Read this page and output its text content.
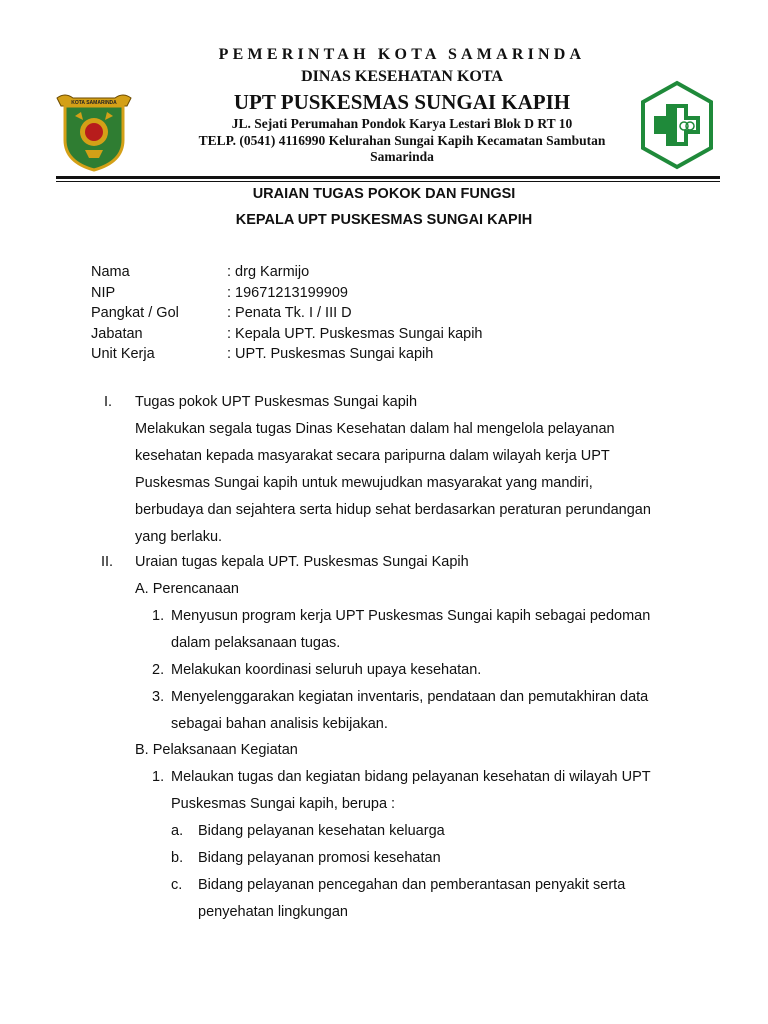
KOTA SAMARINDA
PEMERINTAH KOTA SAMARINDA
DINAS KESEHATAN KOTA
UPT PUSKESMAS SUNGAI KAPIH
JL. Sejati Perumahan Pondok Karya Lestari Blok D RT 10
TELP. (0541) 4116990 Kelurahan Sungai Kapih Kecamatan Sambutan
Samarinda
URAIAN TUGAS POKOK DAN FUNGSI
KEPALA UPT PUSKESMAS SUNGAI KAPIH
Nama	: drg Karmijo
NIP	: 19671213199909
Pangkat / Gol	: Penata Tk. I / III D
Jabatan	: Kepala UPT. Puskesmas Sungai kapih
Unit Kerja	: UPT. Puskesmas Sungai kapih
I. Tugas pokok UPT Puskesmas Sungai kapih
Melakukan segala tugas Dinas Kesehatan dalam hal mengelola pelayanan
kesehatan kepada masyarakat secara paripurna dalam wilayah kerja UPT
Puskesmas Sungai kapih untuk mewujudkan masyarakat yang mandiri,
berbudaya dan sejahtera serta hidup sehat berdasarkan peraturan perundangan
yang berlaku.
II. Uraian tugas kepala UPT. Puskesmas Sungai Kapih
A. Perencanaan
1. Menyusun program kerja UPT Puskesmas Sungai kapih sebagai pedoman
dalam pelaksanaan tugas.
2. Melakukan koordinasi seluruh upaya kesehatan.
3. Menyelenggarakan kegiatan inventaris, pendataan dan pemutakhiran data
sebagai bahan analisis kebijakan.
B. Pelaksanaan Kegiatan
1. Melaukan tugas dan kegiatan bidang pelayanan kesehatan di wilayah UPT
Puskesmas Sungai kapih, berupa :
a. Bidang pelayanan kesehatan keluarga
b. Bidang pelayanan promosi kesehatan
c. Bidang pelayanan pencegahan dan pemberantasan penyakit serta
penyehatan lingkungan
